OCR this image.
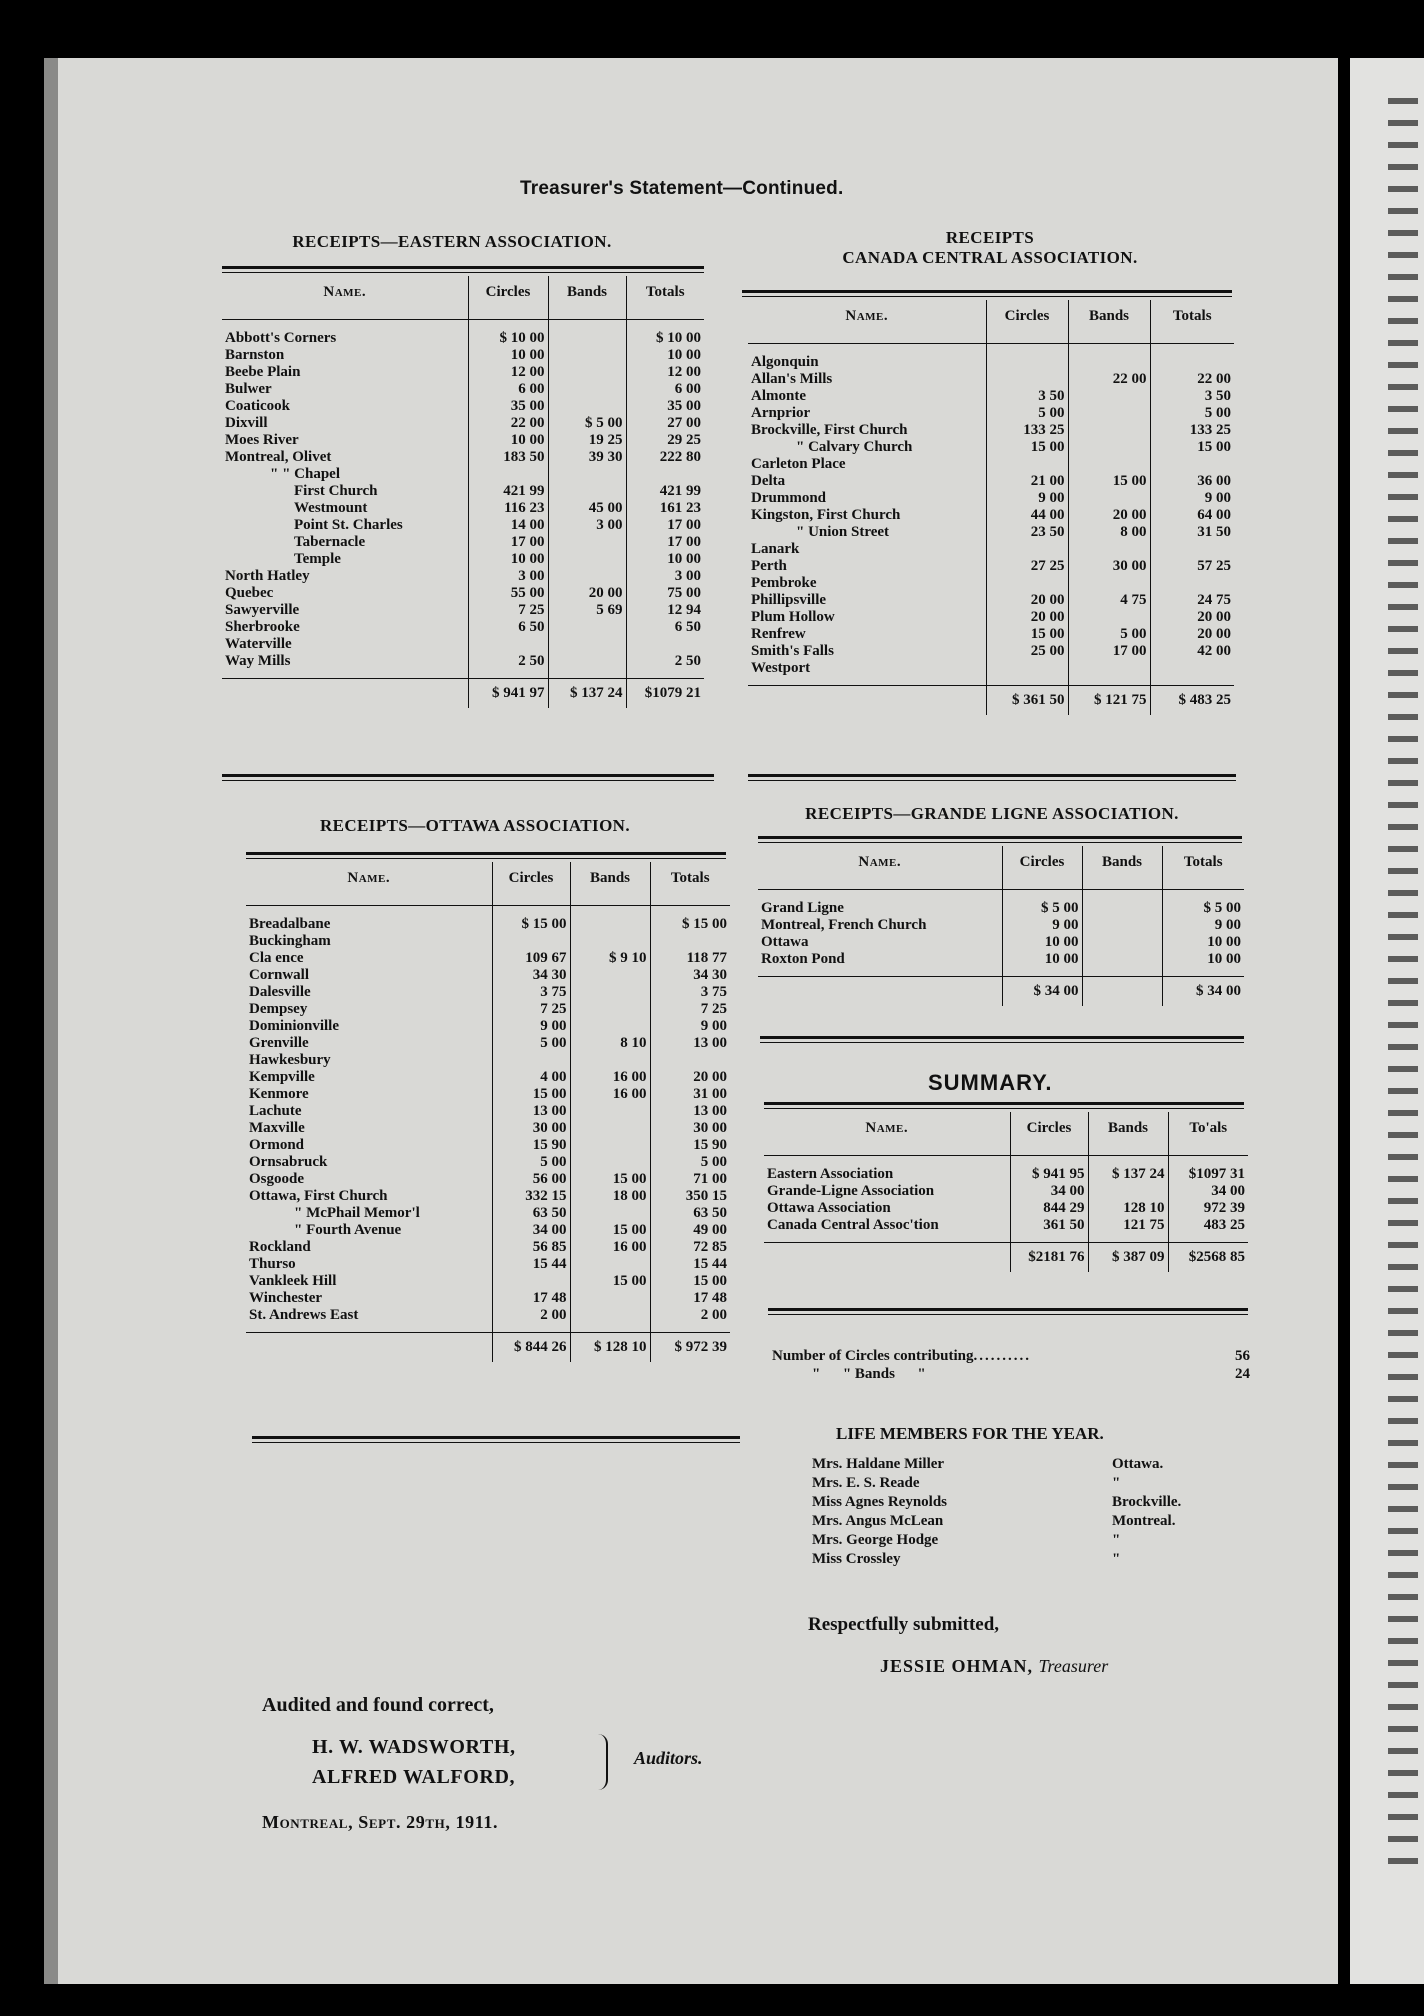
Treasurer's Statement—Continued.
RECEIPTS—EASTERN ASSOCIATION.
Name.	Circles	Bands	Totals
Abbott's Corners	$ 10 00		$ 10 00
Barnston	10 00		10 00
Beebe Plain	12 00		12 00
Bulwer	6 00		6 00
Coaticook	35 00		35 00
Dixvill	22 00	$ 5 00	27 00
Moes River	10 00	19 25	29 25
Montreal, Olivet	183 50	39 30	222 80
" " Chapel			
First Church	421 99		421 99
Westmount	116 23	45 00	161 23
Point St. Charles	14 00	3 00	17 00
Tabernacle	17 00		17 00
Temple	10 00		10 00
North Hatley	3 00		3 00
Quebec	55 00	20 00	75 00
Sawyerville	7 25	5 69	12 94
Sherbrooke	6 50		6 50
Waterville			
Way Mills	2 50		2 50
	$ 941 97	$ 137 24	$1079 21
RECEIPTS
CANADA CENTRAL ASSOCIATION.
Name.	Circles	Bands	Totals
Algonquin			
Allan's Mills		22 00	22 00
Almonte	3 50		3 50
Arnprior	5 00		5 00
Brockville, First Church	133 25		133 25
" Calvary Church	15 00		15 00
Carleton Place			
Delta	21 00	15 00	36 00
Drummond	9 00		9 00
Kingston, First Church	44 00	20 00	64 00
" Union Street	23 50	8 00	31 50
Lanark			
Perth	27 25	30 00	57 25
Pembroke			
Phillipsville	20 00	4 75	24 75
Plum Hollow	20 00		20 00
Renfrew	15 00	5 00	20 00
Smith's Falls	25 00	17 00	42 00
Westport			
	$ 361 50	$ 121 75	$ 483 25
RECEIPTS—OTTAWA ASSOCIATION.
Name.	Circles	Bands	Totals
Breadalbane	$ 15 00		$ 15 00
Buckingham			
Cla ence	109 67	$ 9 10	118 77
Cornwall	34 30		34 30
Dalesville	3 75		3 75
Dempsey	7 25		7 25
Dominionville	9 00		9 00
Grenville	5 00	8 10	13 00
Hawkesbury			
Kempville	4 00	16 00	20 00
Kenmore	15 00	16 00	31 00
Lachute	13 00		13 00
Maxville	30 00		30 00
Ormond	15 90		15 90
Ornsabruck	5 00		5 00
Osgoode	56 00	15 00	71 00
Ottawa, First Church	332 15	18 00	350 15
" McPhail Memor'l	63 50		63 50
" Fourth Avenue	34 00	15 00	49 00
Rockland	56 85	16 00	72 85
Thurso	15 44		15 44
Vankleek Hill		15 00	15 00
Winchester	17 48		17 48
St. Andrews East	2 00		2 00
	$ 844 26	$ 128 10	$ 972 39
RECEIPTS—GRANDE LIGNE ASSOCIATION.
Name.	Circles	Bands	Totals
Grand Ligne	$ 5 00		$ 5 00
Montreal, French Church	9 00		9 00
Ottawa	10 00		10 00
Roxton Pond	10 00		10 00
	$ 34 00		$ 34 00
SUMMARY.
Name.	Circles	Bands	To'als
Eastern Association	$ 941 95	$ 137 24	$1097 31
Grande-Ligne Association	34 00		34 00
Ottawa Association	844 29	128 10	972 39
Canada Central Assoc'tion	361 50	121 75	483 25
	$2181 76	$ 387 09	$2568 85
Number of Circles contributing..........	56
"      " Bands      "	24
LIFE MEMBERS FOR THE YEAR.
Mrs. Haldane Miller	Ottawa.
Mrs. E. S. Reade	"
Miss Agnes Reynolds	Brockville.
Mrs. Angus McLean	Montreal.
Mrs. George Hodge	"
Miss Crossley	"
Respectfully submitted,
JESSIE OHMAN, Treasurer
Audited and found correct,
H. W. WADSWORTH,
ALFRED WALFORD,
Auditors.
Montreal, Sept. 29th, 1911.
